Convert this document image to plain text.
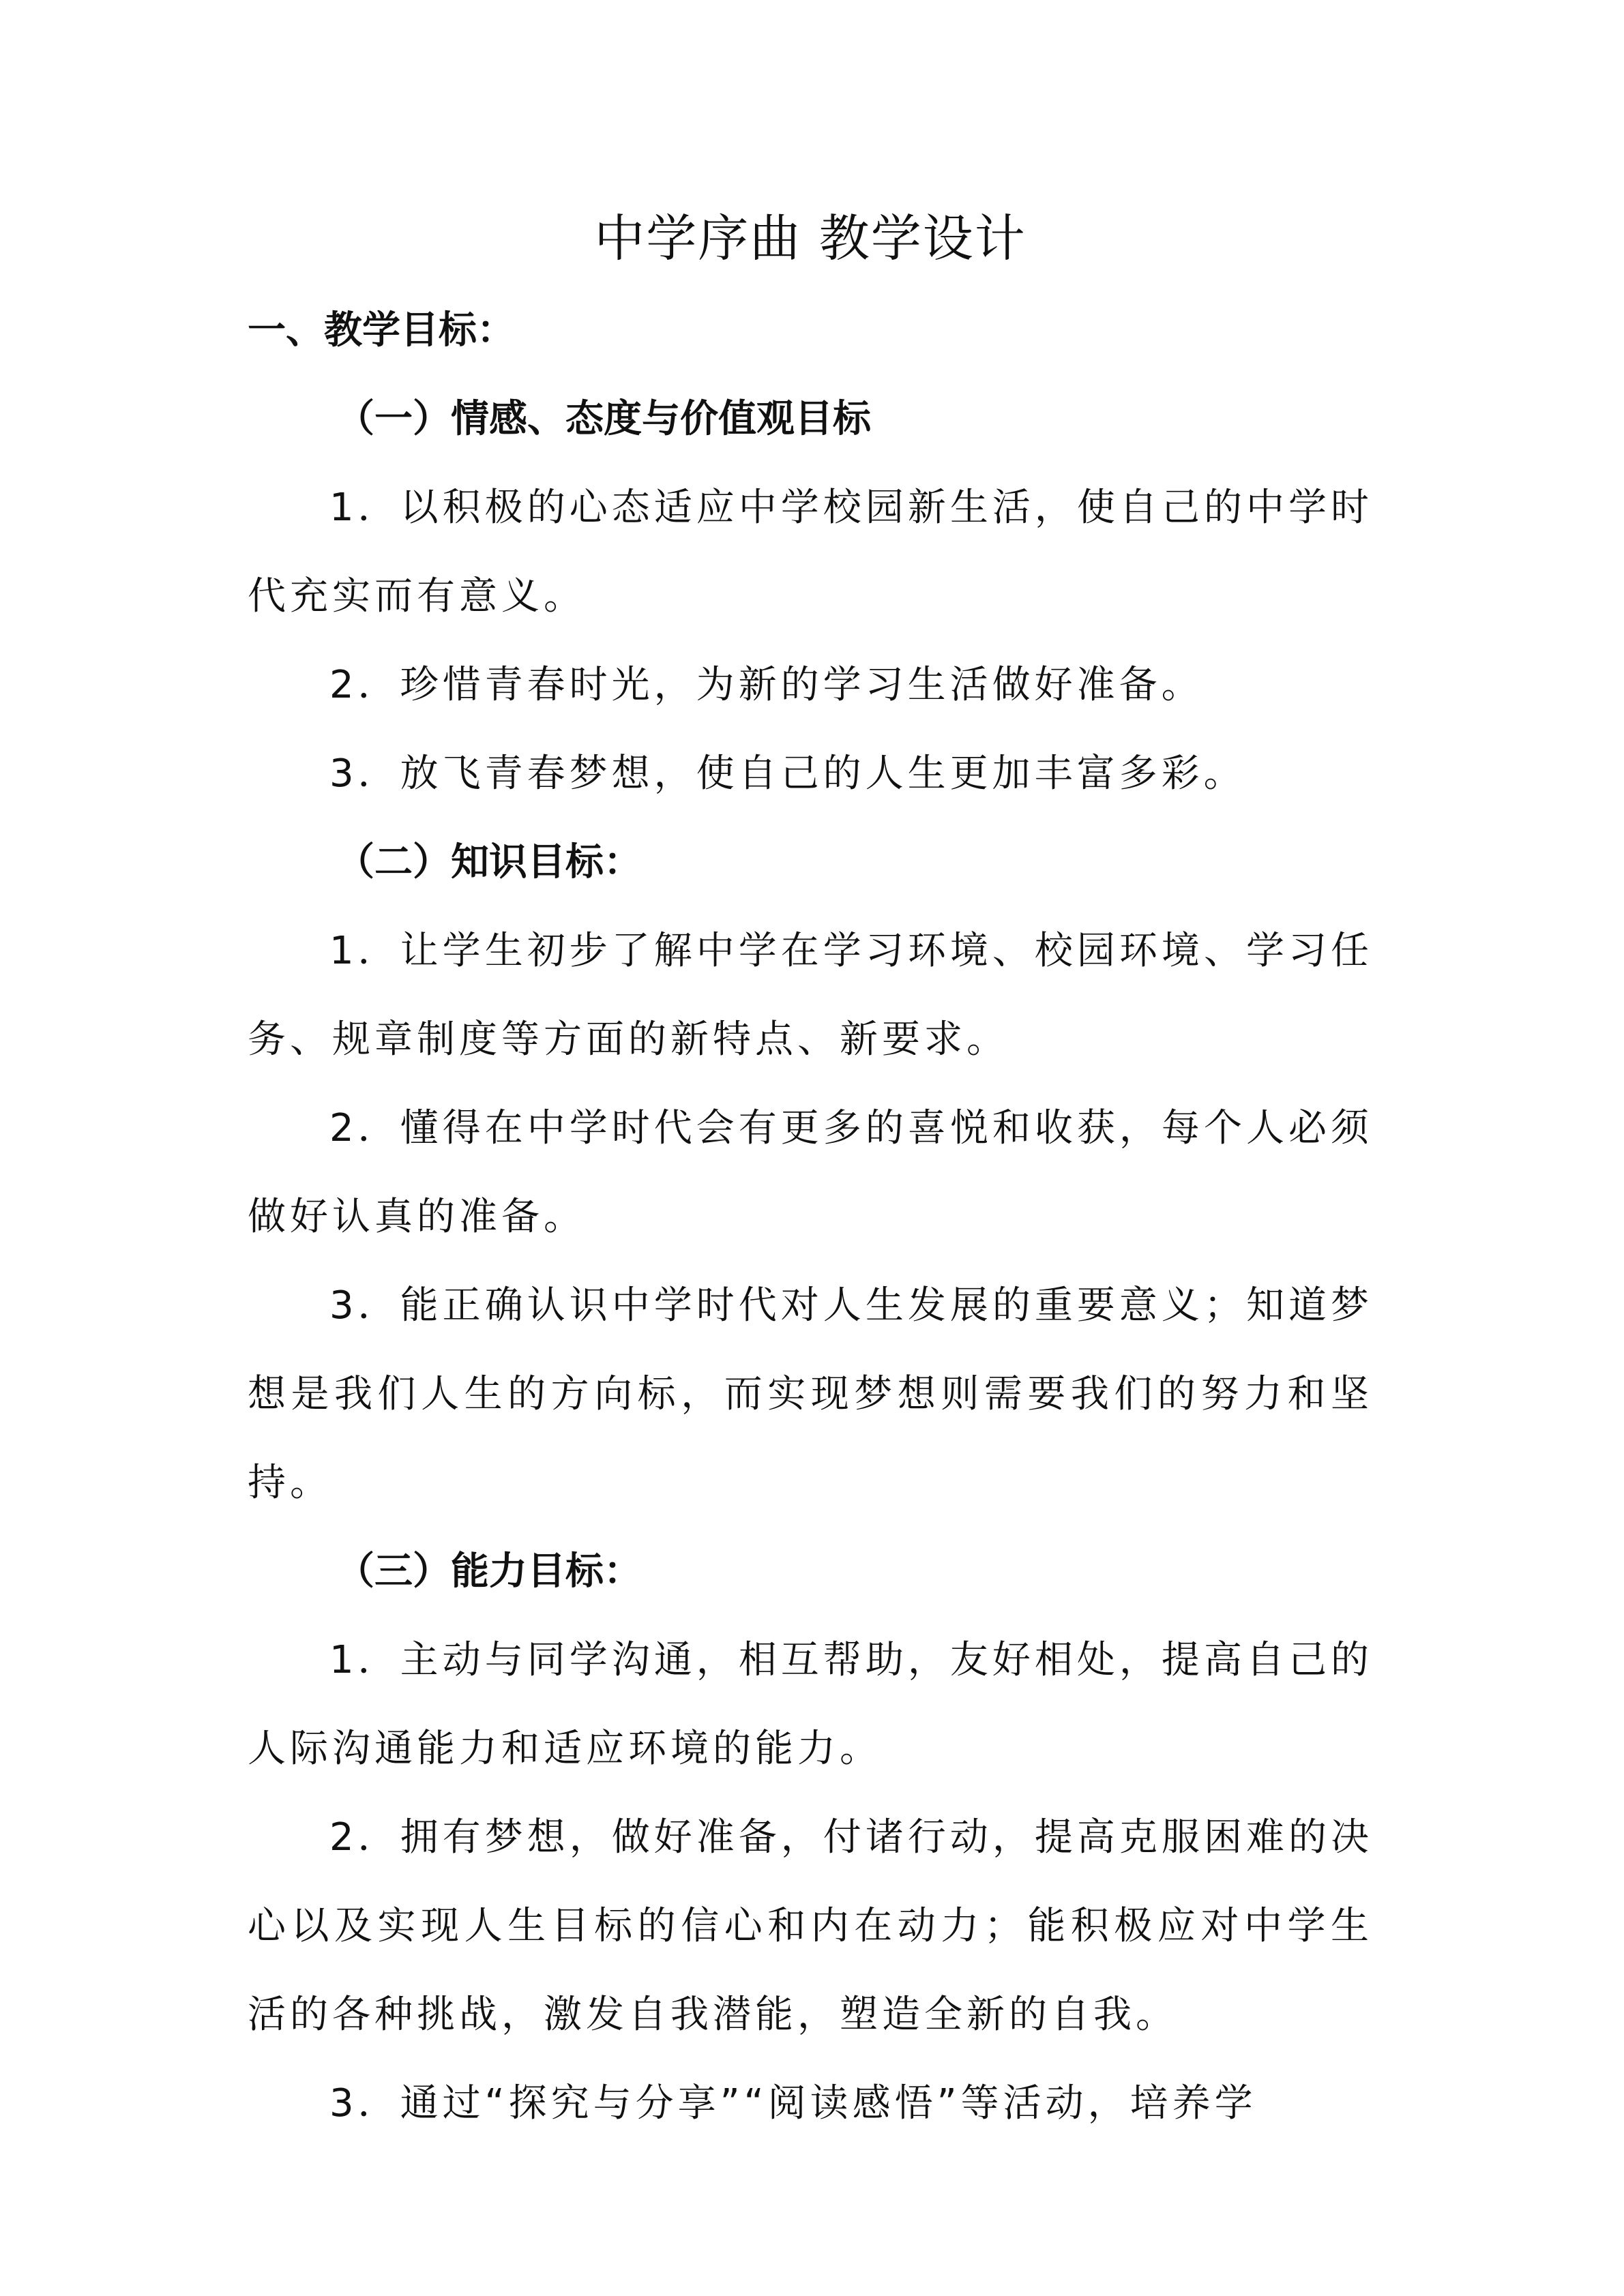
中学序曲 教学设计

一、教学目标：

（一）情感、态度与价值观目标

1．以积极的心态适应中学校园新生活，使自己的中学时代充实而有意义。

2．珍惜青春时光，为新的学习生活做好准备。

3．放飞青春梦想，使自己的人生更加丰富多彩。

（二）知识目标：

1．让学生初步了解中学在学习环境、校园环境、学习任务、规章制度等方面的新特点、新要求。

2．懂得在中学时代会有更多的喜悦和收获，每个人必须做好认真的准备。

3．能正确认识中学时代对人生发展的重要意义；知道梦想是我们人生的方向标，而实现梦想则需要我们的努力和坚持。

（三）能力目标：

1．主动与同学沟通，相互帮助，友好相处，提高自己的人际沟通能力和适应环境的能力。

2．拥有梦想，做好准备，付诸行动，提高克服困难的决心以及实现人生目标的信心和内在动力；能积极应对中学生活的各种挑战，激发自我潜能，塑造全新的自我。

3．通过“探究与分享”“阅读感悟”等活动，培养学
